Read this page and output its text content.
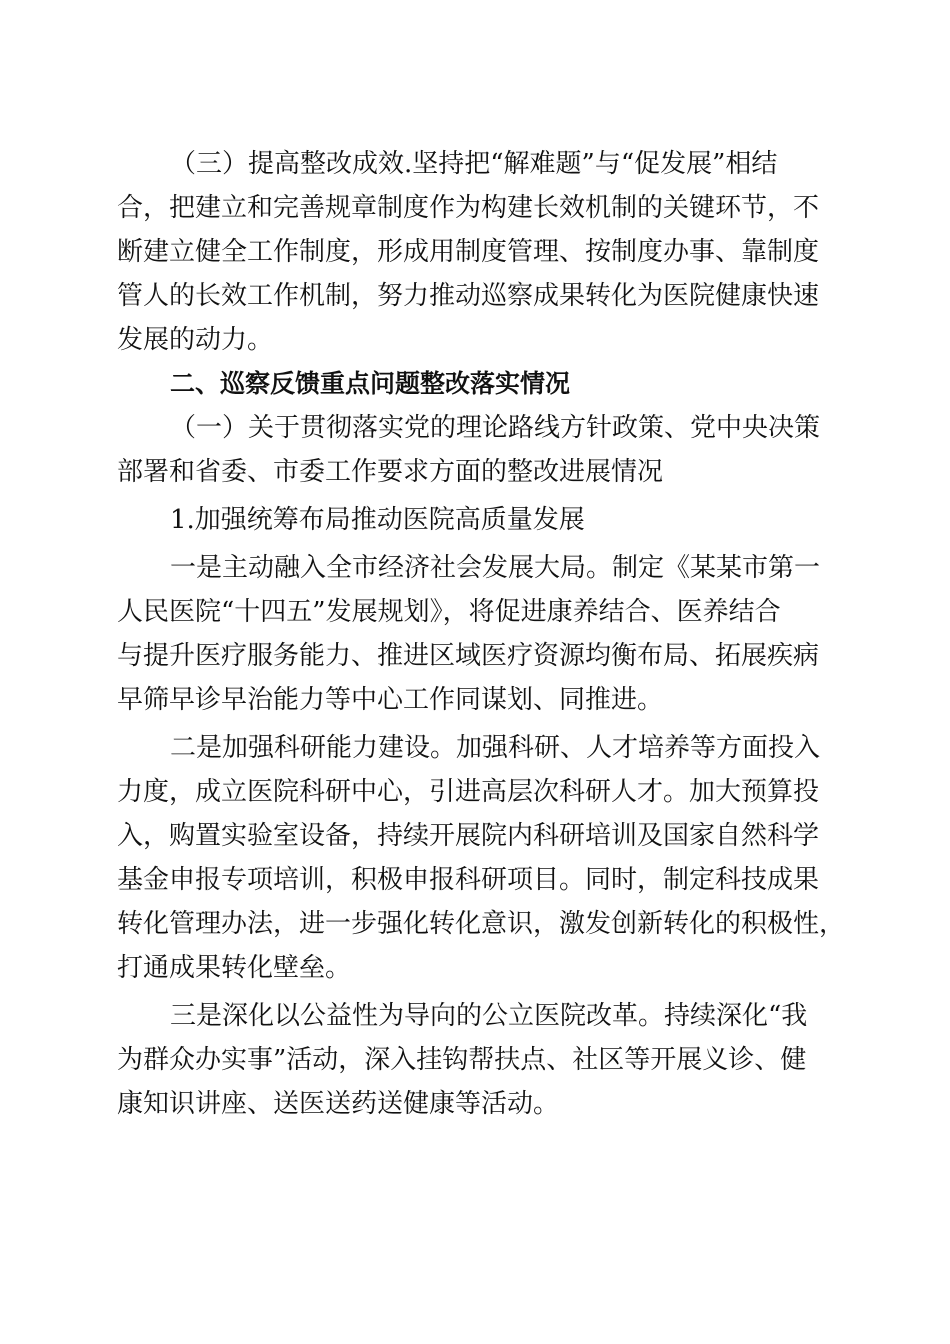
（三）提高整改成效.坚持把“解难题”与“促发展”相结
合，把建立和完善规章制度作为构建长效机制的关键环节，不
断建立健全工作制度，形成用制度管理、按制度办事、靠制度
管人的长效工作机制，努力推动巡察成果转化为医院健康快速
发展的动力。
二、巡察反馈重点问题整改落实情况
（一）关于贯彻落实党的理论路线方针政策、党中央决策
部署和省委、市委工作要求方面的整改进展情况
1.加强统筹布局推动医院高质量发展
一是主动融入全市经济社会发展大局。制定《某某市第一
人民医院“十四五”发展规划》，将促进康养结合、医养结合
与提升医疗服务能力、推进区域医疗资源均衡布局、拓展疾病
早筛早诊早治能力等中心工作同谋划、同推进。
二是加强科研能力建设。加强科研、人才培养等方面投入
力度，成立医院科研中心，引进高层次科研人才。加大预算投
入，购置实验室设备，持续开展院内科研培训及国家自然科学
基金申报专项培训，积极申报科研项目。同时，制定科技成果
转化管理办法，进一步强化转化意识，激发创新转化的积极性，
打通成果转化壁垒。
三是深化以公益性为导向的公立医院改革。持续深化“我
为群众办实事”活动，深入挂钩帮扶点、社区等开展义诊、健
康知识讲座、送医送药送健康等活动。
